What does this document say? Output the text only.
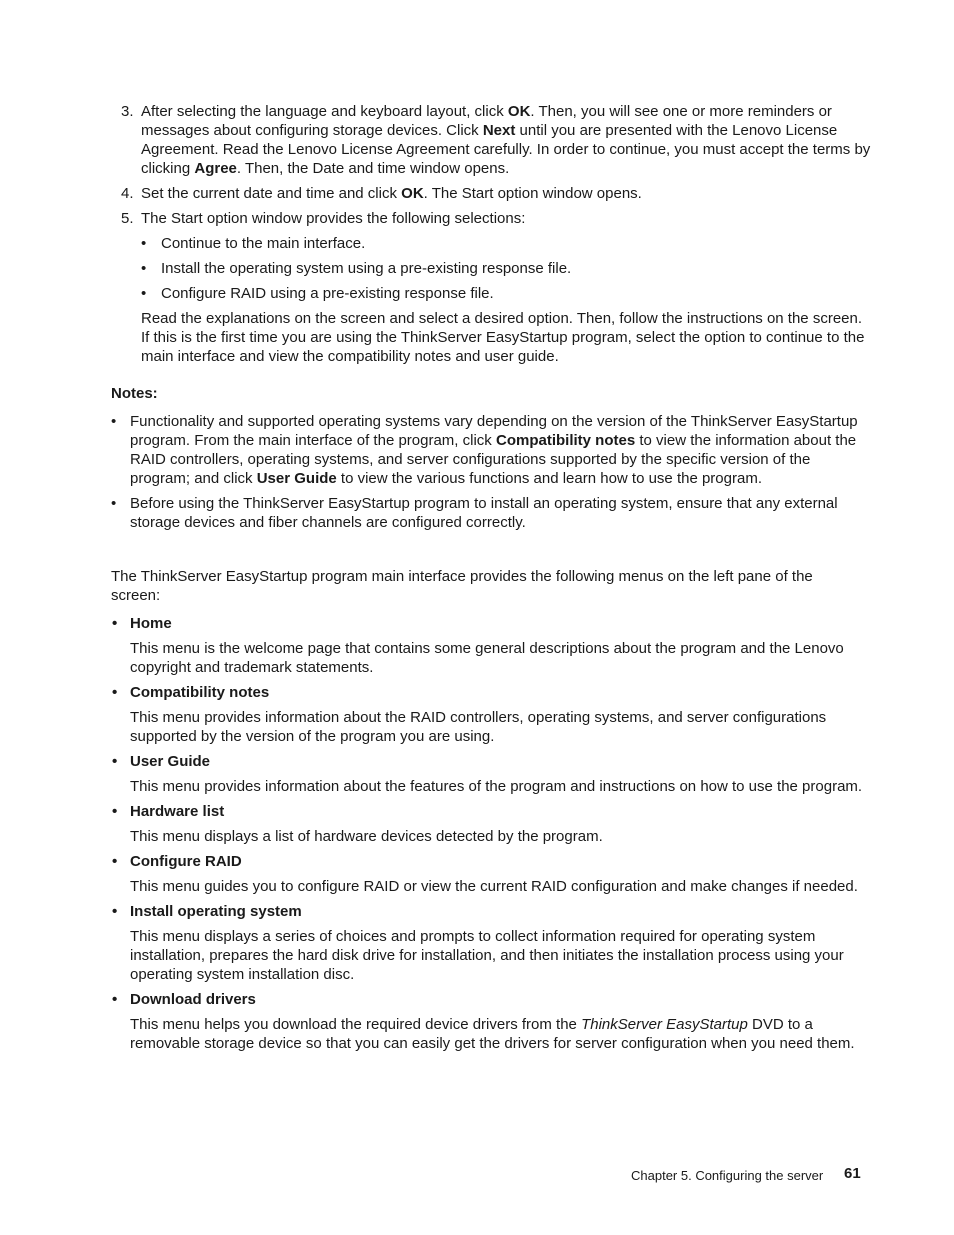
3. After selecting the language and keyboard layout, click OK. Then, you will see one or more reminders or messages about configuring storage devices. Click Next until you are presented with the Lenovo License Agreement. Read the Lenovo License Agreement carefully. In order to continue, you must accept the terms by clicking Agree. Then, the Date and time window opens.

4. Set the current date and time and click OK. The Start option window opens.

5. The Start option window provides the following selections:

• Continue to the main interface.
• Install the operating system using a pre-existing response file.
• Configure RAID using a pre-existing response file.

Read the explanations on the screen and select a desired option. Then, follow the instructions on the screen. If this is the first time you are using the ThinkServer EasyStartup program, select the option to continue to the main interface and view the compatibility notes and user guide.

Notes:
• Functionality and supported operating systems vary depending on the version of the ThinkServer EasyStartup program. From the main interface of the program, click Compatibility notes to view the information about the RAID controllers, operating systems, and server configurations supported by the specific version of the program; and click User Guide to view the various functions and learn how to use the program.
• Before using the ThinkServer EasyStartup program to install an operating system, ensure that any external storage devices and fiber channels are configured correctly.

The ThinkServer EasyStartup program main interface provides the following menus on the left pane of the screen:

• Home

This menu is the welcome page that contains some general descriptions about the program and the Lenovo copyright and trademark statements.

• Compatibility notes

This menu provides information about the RAID controllers, operating systems, and server configurations supported by the version of the program you are using.

• User Guide

This menu provides information about the features of the program and instructions on how to use the program.

• Hardware list

This menu displays a list of hardware devices detected by the program.

• Configure RAID

This menu guides you to configure RAID or view the current RAID configuration and make changes if needed.

• Install operating system

This menu displays a series of choices and prompts to collect information required for operating system installation, prepares the hard disk drive for installation, and then initiates the installation process using your operating system installation disc.

• Download drivers

This menu helps you download the required device drivers from the ThinkServer EasyStartup DVD to a removable storage device so that you can easily get the drivers for server configuration when you need them.

Chapter 5. Configuring the server 61
